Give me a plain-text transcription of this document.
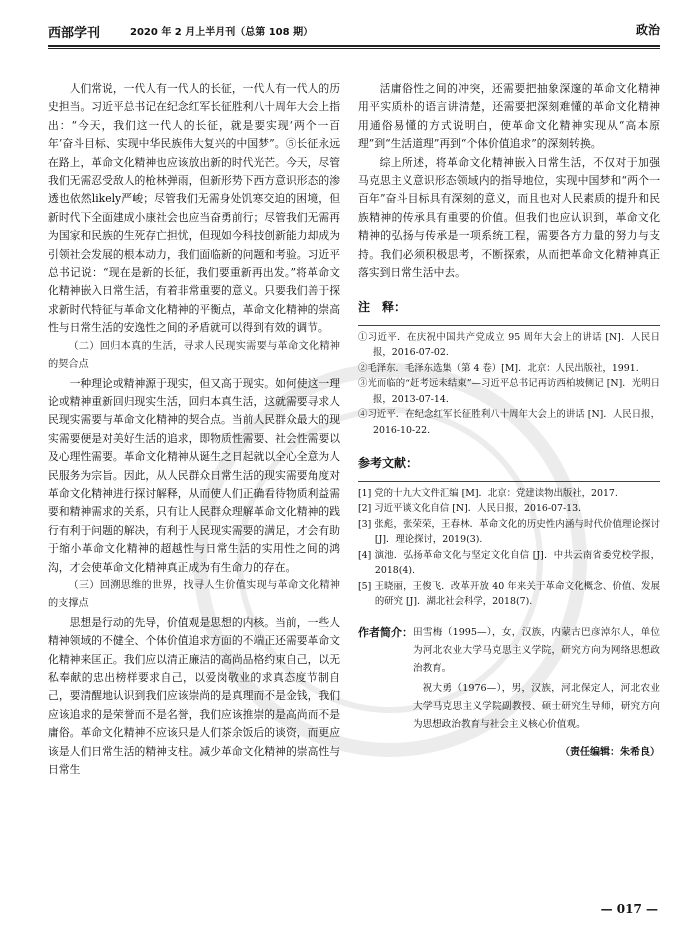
西部学刊	2020 年 2 月上半月刊（总第 108 期）	政治

人们常说，一代人有一代人的长征，一代人有一代人的历史担当。习近平总书记在纪念红军长征胜利八十周年大会上指出：“今天，我们这一代人的长征，就是要实现‘两个一百年’奋斗目标、实现中华民族伟大复兴的中国梦”。⑤长征永远在路上，革命文化精神也应该放出新的时代光芒。今天，尽管我们无需忍受敌人的枪林弹雨，但新形势下西方意识形态的渗透也依然likely严峻；尽管我们无需身处饥寒交迫的困境，但新时代下全面建成小康社会也应当奋勇前行；尽管我们无需再为国家和民族的生死存亡担忧，但现如今科技创新能力却成为引领社会发展的根本动力，我们面临新的问题和考验。习近平总书记说：“现在是新的长征，我们要重新再出发。”将革命文化精神嵌入日常生活，有着非常重要的意义。只要我们善于探求新时代特征与革命文化精神的平衡点，革命文化精神的崇高性与日常生活的安逸性之间的矛盾就可以得到有效的调节。

（二）回归本真的生活，寻求人民现实需要与革命文化精神的契合点

一种理论或精神源于现实，但又高于现实。如何使这一理论或精神重新回归现实生活，回归本真生活，这就需要寻求人民现实需要与革命文化精神的契合点。当前人民群众最大的现实需要便是对美好生活的追求，即物质性需要、社会性需要以及心理性需要。革命文化精神从诞生之日起就以全心全意为人民服务为宗旨。因此，从人民群众日常生活的现实需要角度对革命文化精神进行探讨解释，从而使人们正确看待物质利益需要和精神需求的关系，只有让人民群众理解革命文化精神的践行有利于问题的解决，有利于人民现实需要的满足，才会有助于缩小革命文化精神的超越性与日常生活的实用性之间的鸿沟，才会使革命文化精神真正成为有生命力的存在。

（三）回溯思维的世界，找寻人生价值实现与革命文化精神的支撑点

思想是行动的先导，价值观是思想的内核。当前，一些人精神领域的不健全、个体价值追求方面的不端正还需要革命文化精神来匡正。我们应以清正廉洁的高尚品格约束自己，以无私奉献的忠出榜样要求自己，以爱岗敬业的求真态度节制自己，要清醒地认识到我们应该崇尚的是真理而不是金钱，我们应该追求的是荣誉而不是名誉，我们应该推崇的是高尚而不是庸俗。革命文化精神不应该只是人们茶余饭后的谈资，而更应该是人们日常生活的精神支柱。减少革命文化精神的崇高性与日常生

活庸俗性之间的冲突，还需要把抽象深邃的革命文化精神用平实质朴的语言讲清楚，还需要把深刻难懂的革命文化精神用通俗易懂的方式说明白，使革命文化精神实现从“高本原理”到“生活道理”再到“个体价值追求”的深刻转换。

综上所述，将革命文化精神嵌入日常生活，不仅对于加强马克思主义意识形态领域内的指导地位，实现中国梦和“两个一百年”奋斗目标具有深刻的意义，而且也对人民素质的提升和民族精神的传承具有重要的价值。但我们也应认识到，革命文化精神的弘扬与传承是一项系统工程，需要各方力量的努力与支持。我们必须积极思考，不断探索，从而把革命文化精神真正落实到日常生活中去。

注　释：

①习近平．在庆祝中国共产党成立 95 周年大会上的讲话 [N]．人民日报，2016-07-02.

②毛泽东．毛泽东选集（第 4 卷）[M]．北京：人民出版社，1991.

③光而临的“赶考远未结束”—习近平总书记再访西柏坡侧记 [N]．光明日报，2013-07-14.

④习近平．在纪念红军长征胜利八十周年大会上的讲话 [N]．人民日报，2016-10-22.

参考文献：

[1] 党的十九大文件汇编 [M]．北京：党建读物出版社，2017.

[2] 习近平谈文化自信 [N]．人民日报，2016-07-13.

[3] 张彪，张荣荣，王春林．革命文化的历史性内涵与时代价值理论探讨 [J]．理论探讨，2019(3).

[4] 演池．弘扬革命文化与坚定文化自信 [J]．中共云南省委党校学报，2018(4).

[5] 王晓丽，王俊飞．改革开放 40 年来关于革命文化概念、价值、发展的研究 [J]．湖北社会科学，2018(7).

作者简介： 田雪梅（1995—），女，汉族，内蒙古巴彦淖尔人，单位为河北农业大学马克思主义学院，研究方向为网络思想政治教育。

祝大勇（1976—），男，汉族，河北保定人，河北农业大学马克思主义学院副教授、硕士研究生导师，研究方向为思想政治教育与社会主义核心价值观。

（责任编辑：朱希良）
— 017 —
